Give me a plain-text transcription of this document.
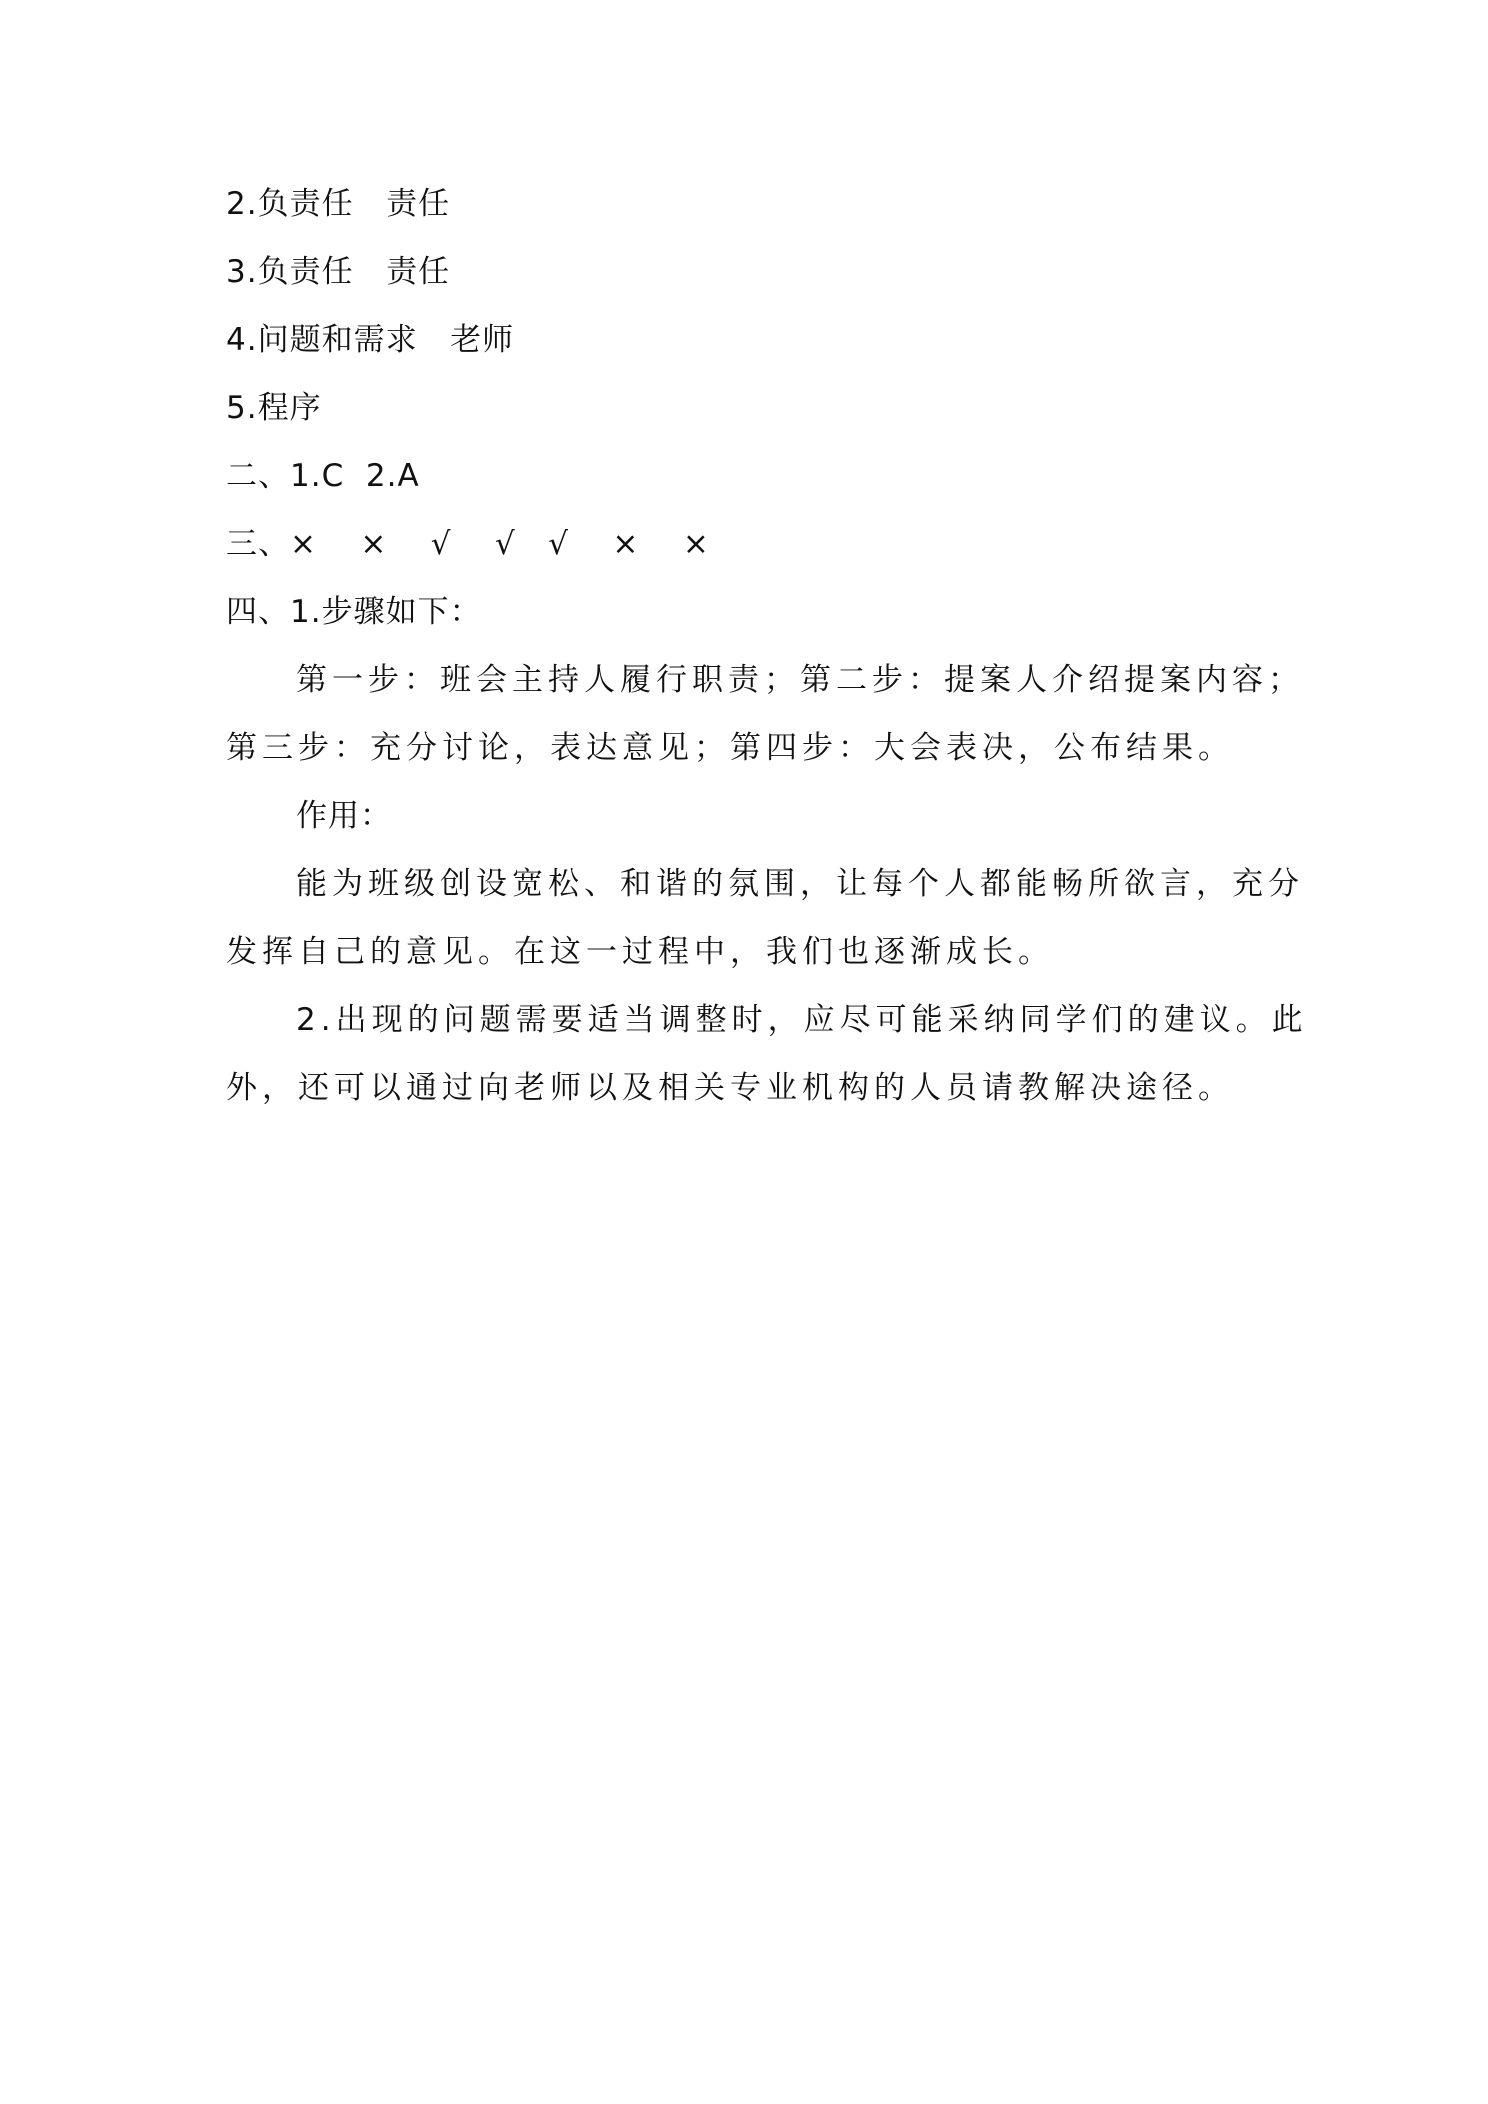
2.负责任   责任
3.负责任   责任
4.问题和需求   老师
5.程序
二、1.C  2.A
三、×    ×    √    √   √    ×    ×
四、1.步骤如下：
第一步：班会主持人履行职责；第二步：提案人介绍提案内容；
第三步：充分讨论，表达意见；第四步：大会表决，公布结果。
作用：
能为班级创设宽松、和谐的氛围，让每个人都能畅所欲言，充分
发挥自己的意见。在这一过程中，我们也逐渐成长。
2.出现的问题需要适当调整时，应尽可能采纳同学们的建议。此
外，还可以通过向老师以及相关专业机构的人员请教解决途径。
